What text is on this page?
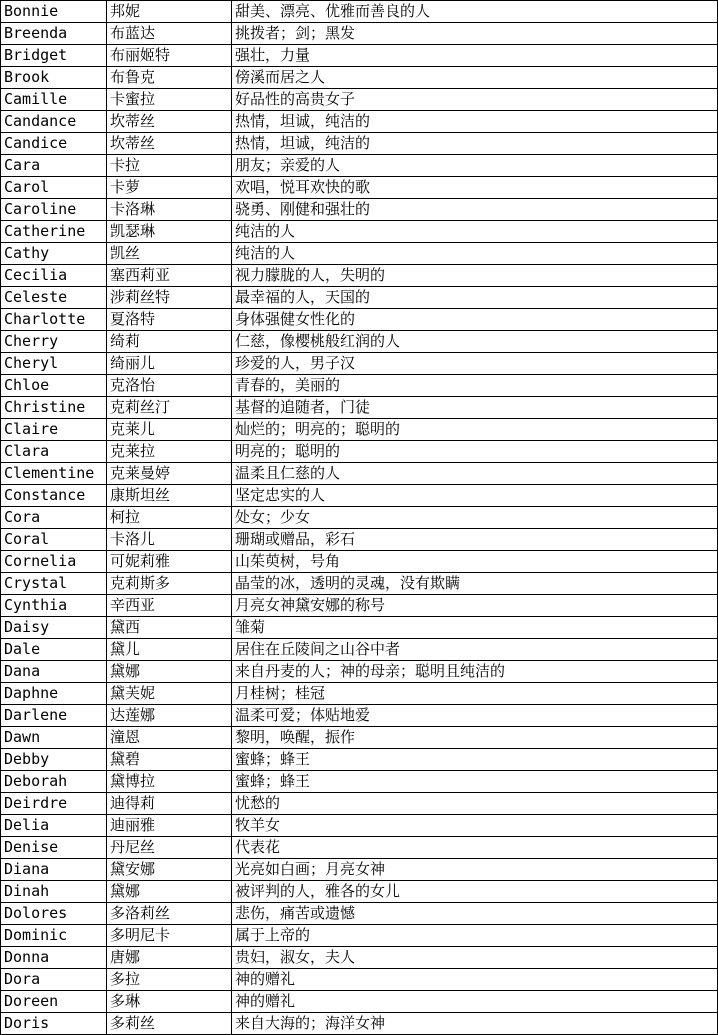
Bonnie	邦妮	甜美、漂亮、优雅而善良的人
Breenda	布蓝达	挑拨者；剑；黑发
Bridget	布丽姬特	强壮，力量
Brook	布鲁克	傍溪而居之人
Camille	卡蜜拉	好品性的高贵女子
Candance	坎蒂丝	热情，坦诚，纯洁的
Candice	坎蒂丝	热情，坦诚，纯洁的
Cara	卡拉	朋友；亲爱的人
Carol	卡萝	欢唱，悦耳欢快的歌
Caroline	卡洛琳	骁勇、刚健和强壮的
Catherine	凯瑟琳	纯洁的人
Cathy	凯丝	纯洁的人
Cecilia	塞西莉亚	视力朦胧的人，失明的
Celeste	涉莉丝特	最幸福的人，天国的
Charlotte	夏洛特	身体强健女性化的
Cherry	绮莉	仁慈，像樱桃般红润的人
Cheryl	绮丽儿	珍爱的人，男子汉
Chloe	克洛怡	青春的，美丽的
Christine	克莉丝汀	基督的追随者，门徒
Claire	克莱儿	灿烂的；明亮的；聪明的
Clara	克莱拉	明亮的；聪明的
Clementine	克莱曼婷	温柔且仁慈的人
Constance	康斯坦丝	坚定忠实的人
Cora	柯拉	处女；少女
Coral	卡洛儿	珊瑚或赠品，彩石
Cornelia	可妮莉雅	山茱萸树，号角
Crystal	克莉斯多	晶莹的冰，透明的灵魂，没有欺瞒
Cynthia	辛西亚	月亮女神黛安娜的称号
Daisy	黛西	雏菊
Dale	黛儿	居住在丘陵间之山谷中者
Dana	黛娜	来自丹麦的人；神的母亲；聪明且纯洁的
Daphne	黛芙妮	月桂树；桂冠
Darlene	达莲娜	温柔可爱；体贴地爱
Dawn	潼恩	黎明，唤醒，振作
Debby	黛碧	蜜蜂；蜂王
Deborah	黛博拉	蜜蜂；蜂王
Deirdre	迪得莉	忧愁的
Delia	迪丽雅	牧羊女
Denise	丹尼丝	代表花
Diana	黛安娜	光亮如白画；月亮女神
Dinah	黛娜	被评判的人，雅各的女儿
Dolores	多洛莉丝	悲伤，痛苦或遗憾
Dominic	多明尼卡	属于上帝的
Donna	唐娜	贵妇，淑女，夫人
Dora	多拉	神的赠礼
Doreen	多琳	神的赠礼
Doris	多莉丝	来自大海的；海洋女神
